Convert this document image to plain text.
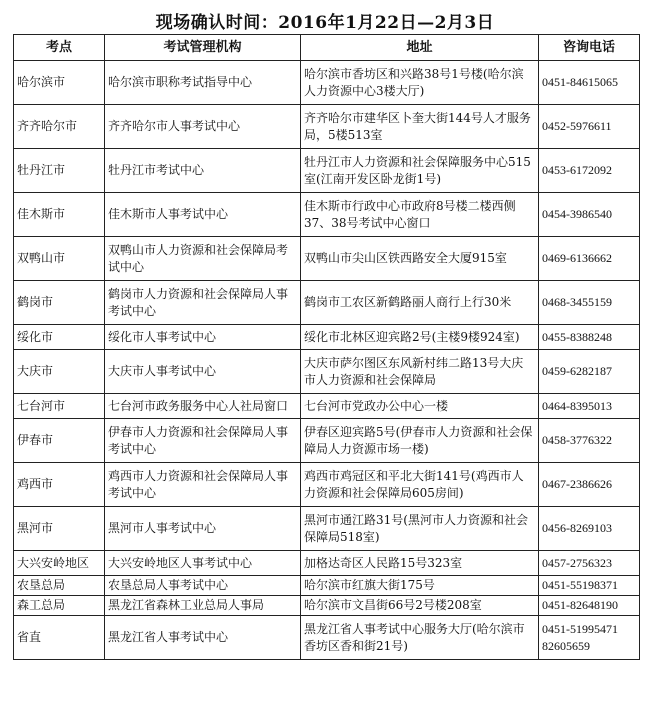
现场确认时间：2016年1月22日—2月3日
考点	考试管理机构	地址	咨询电话
哈尔滨市	哈尔滨市职称考试指导中心	哈尔滨市香坊区和兴路38号1号楼(哈尔滨人力资源中心3楼大厅)	0451-84615065
齐齐哈尔市	齐齐哈尔市人事考试中心	齐齐哈尔市建华区卜奎大街144号人才服务局，5楼513室	0452-5976611
牡丹江市	牡丹江市考试中心	牡丹江市人力资源和社会保障服务中心515室(江南开发区卧龙街1号)	0453-6172092
佳木斯市	佳木斯市人事考试中心	佳木斯市行政中心市政府8号楼二楼西侧37、38号考试中心窗口	0454-3986540
双鸭山市	双鸭山市人力资源和社会保障局考试中心	双鸭山市尖山区铁西路安全大厦915室	0469-6136662
鹤岗市	鹤岗市人力资源和社会保障局人事考试中心	鹤岗市工农区新鹤路丽人商行上行30米	0468-3455159
绥化市	绥化市人事考试中心	绥化市北林区迎宾路2号(主楼9楼924室)	0455-8388248
大庆市	大庆市人事考试中心	大庆市萨尔图区东风新村纬二路13号大庆市人力资源和社会保障局	0459-6282187
七台河市	七台河市政务服务中心人社局窗口	七台河市党政办公中心一楼	0464-8395013
伊春市	伊春市人力资源和社会保障局人事考试中心	伊春区迎宾路5号(伊春市人力资源和社会保障局人力资源市场一楼)	0458-3776322
鸡西市	鸡西市人力资源和社会保障局人事考试中心	鸡西市鸡冠区和平北大街141号(鸡西市人力资源和社会保障局605房间)	0467-2386626
黑河市	黑河市人事考试中心	黑河市通江路31号(黑河市人力资源和社会保障局518室)	0456-8269103
大兴安岭地区	大兴安岭地区人事考试中心	加格达奇区人民路15号323室	0457-2756323
农垦总局	农垦总局人事考试中心	哈尔滨市红旗大街175号	0451-55198371
森工总局	黑龙江省森林工业总局人事局	哈尔滨市文昌街66号2号楼208室	0451-82648190
省直	黑龙江省人事考试中心	黑龙江省人事考试中心服务大厅(哈尔滨市香坊区香和街21号)	0451-51995471 82605659
